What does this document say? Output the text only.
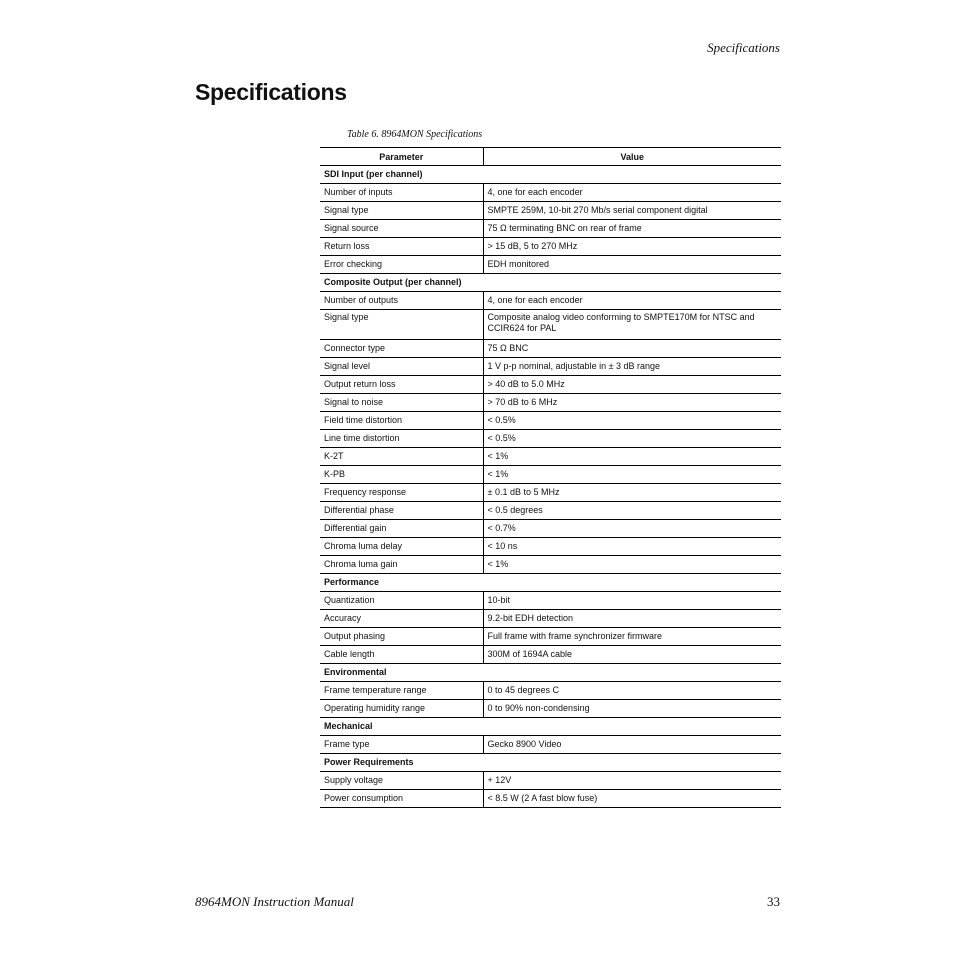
Specifications
Specifications
Table 6. 8964MON Specifications
Parameter	Value
SDI Input (per channel)	
Number of inputs	4, one for each encoder
Signal type	SMPTE 259M, 10-bit 270 Mb/s serial component digital
Signal source	75 Ω terminating BNC on rear of frame
Return loss	> 15 dB, 5 to 270 MHz
Error checking	EDH monitored
Composite Output (per channel)	
Number of outputs	4, one for each encoder
Signal type	Composite analog video conforming to SMPTE170M for NTSC and CCIR624 for PAL
Connector type	75 Ω BNC
Signal level	1 V p-p nominal, adjustable in ± 3 dB range
Output return loss	> 40 dB to 5.0 MHz
Signal to noise	> 70 dB to 6 MHz
Field time distortion	< 0.5%
Line time distortion	< 0.5%
K-2T	< 1%
K-PB	< 1%
Frequency response	± 0.1 dB to 5 MHz
Differential phase	< 0.5 degrees
Differential gain	< 0.7%
Chroma luma delay	< 10 ns
Chroma luma gain	< 1%
Performance	
Quantization	10-bit
Accuracy	9.2-bit EDH detection
Output phasing	Full frame with frame synchronizer firmware
Cable length	300M of 1694A cable
Environmental	
Frame temperature range	0 to 45 degrees C
Operating humidity range	0 to 90% non-condensing
Mechanical	
Frame type	Gecko 8900 Video
Power Requirements	
Supply voltage	+ 12V
Power consumption	< 8.5 W (2 A fast blow fuse)
8964MON Instruction Manual	33
